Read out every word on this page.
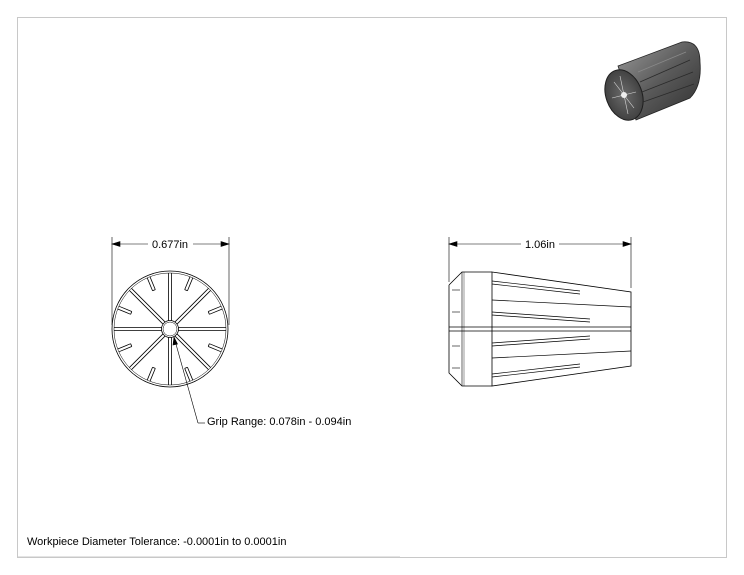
0.677in	1.06in
Grip Range: 0.078in - 0.094in
Workpiece Diameter Tolerance: -0.0001in to 0.0001in
